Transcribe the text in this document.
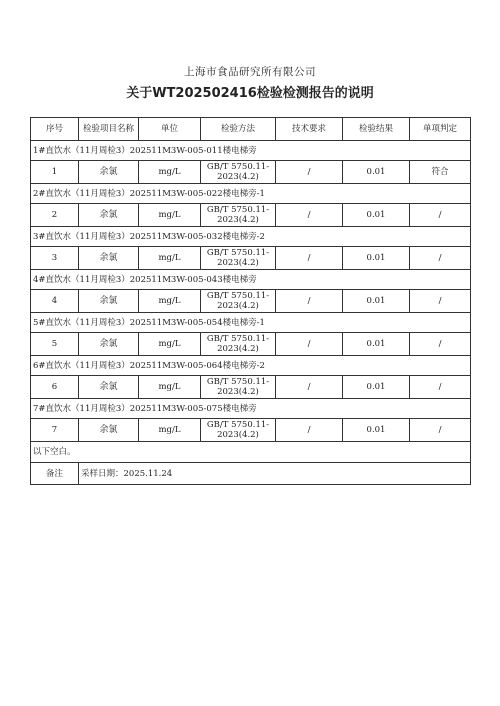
上海市食品研究所有限公司
关于WT202502416检验检测报告的说明
序号	检验项目名称	单位	检验方法	技术要求	检验结果	单项判定
1#直饮水（11月周检3）202511M3W-005-011楼电梯旁						
1	余氯	mg/L	GB/T 5750.11-2023(4.2)	/	0.01	符合
2#直饮水（11月周检3）202511M3W-005-022楼电梯旁-1						
2	余氯	mg/L	GB/T 5750.11-2023(4.2)	/	0.01	/
3#直饮水（11月周检3）202511M3W-005-032楼电梯旁-2						
3	余氯	mg/L	GB/T 5750.11-2023(4.2)	/	0.01	/
4#直饮水（11月周检3）202511M3W-005-043楼电梯旁						
4	余氯	mg/L	GB/T 5750.11-2023(4.2)	/	0.01	/
5#直饮水（11月周检3）202511M3W-005-054楼电梯旁-1						
5	余氯	mg/L	GB/T 5750.11-2023(4.2)	/	0.01	/
6#直饮水（11月周检3）202511M3W-005-064楼电梯旁-2						
6	余氯	mg/L	GB/T 5750.11-2023(4.2)	/	0.01	/
7#直饮水（11月周检3）202511M3W-005-075楼电梯旁						
7	余氯	mg/L	GB/T 5750.11-2023(4.2)	/	0.01	/
以下空白。						
备注	采样日期：2025.11.24					
